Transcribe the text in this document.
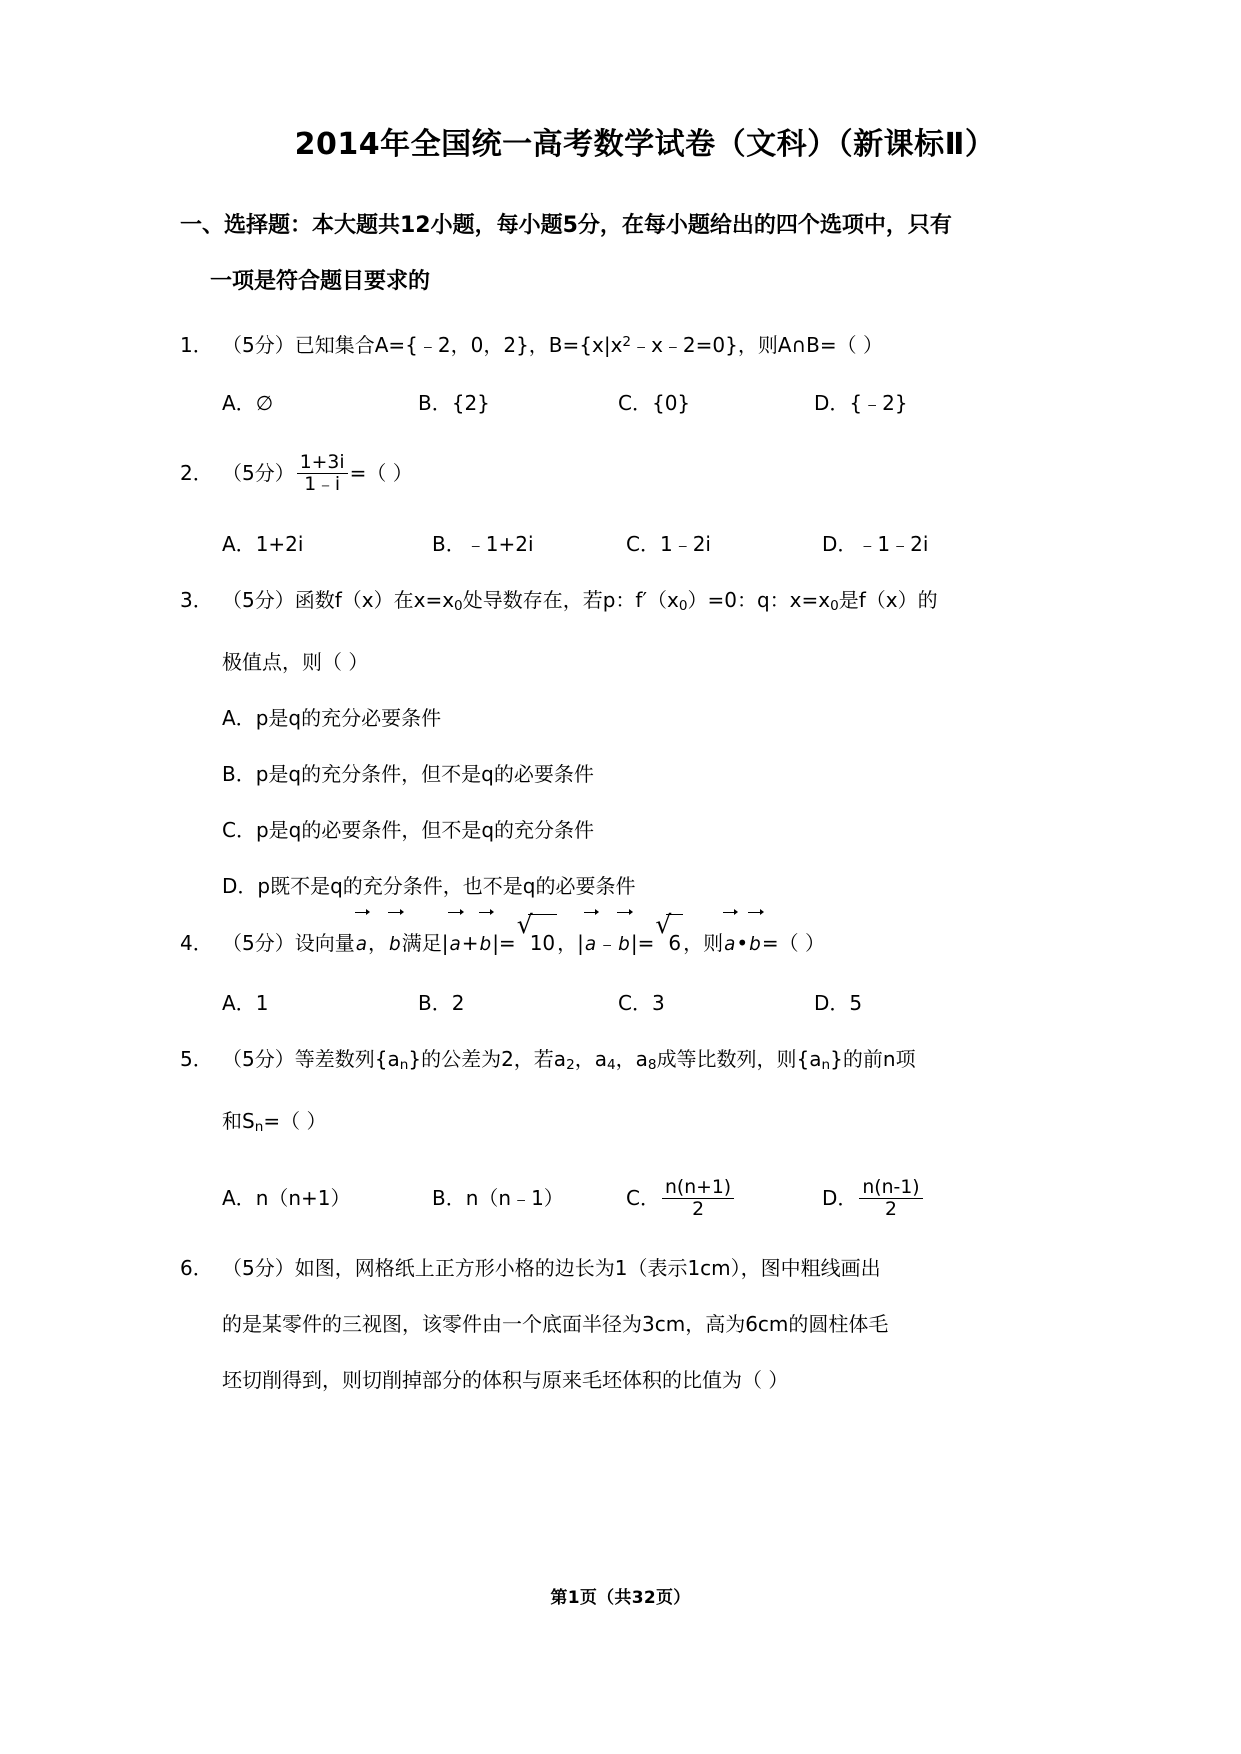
2014年全国统一高考数学试卷（文科）（新课标Ⅱ）
一、选择题：本大题共12小题，每小题5分，在每小题给出的四个选项中，只有
一项是符合题目要求的
1． （5分）已知集合A={﹣2，0，2}，$B=\{x|x^2﹣x﹣2=0\}$，则A∩B=（ ）
A．∅	B．{2}	C．{0}	D．{﹣2}
2． （5分） $\frac{1+3i}{1﹣i}$ =（ ）
A．1+2i	B．﹣1+2i	C．1﹣2i	D．﹣1﹣2i
3． （5分）函数f（x）在$x=x_0$处导数存在，若p：$f'(x_0)=0$：q：$x=x_0$是f（x）的
极值点，则（ ）
A．p是q的充分必要条件
B．p是q的充分条件，但不是q的必要条件
C．p是q的必要条件，但不是q的充分条件
D．p既不是q的充分条件，也不是q的必要条件
4． （5分）设向量
a，
b满足|
a+
b|=
√
10 ，|
a﹣
b|=
√
6 ，则
a•
b=（ ）
A．1	B．2	C．3	D．5
5． （5分）等差数列$\{a_n\}$的公差为2，若$a_2$，$a_4$，$a_8$成等比数列，则$\{a_n\}$的前n项
和$S_n=$（ ）
A．n（n+1）	B．n（n﹣1）	C． $\frac{n(n+1)}{2}$	D． $\frac{n(n-1)}{2}$
6． （5分）如图，网格纸上正方形小格的边长为1（表示1cm），图中粗线画出
的是某零件的三视图，该零件由一个底面半径为3cm，高为6cm的圆柱体毛
坯切削得到，则切削掉部分的体积与原来毛坯体积的比值为（ ）
第1页（共32页）
